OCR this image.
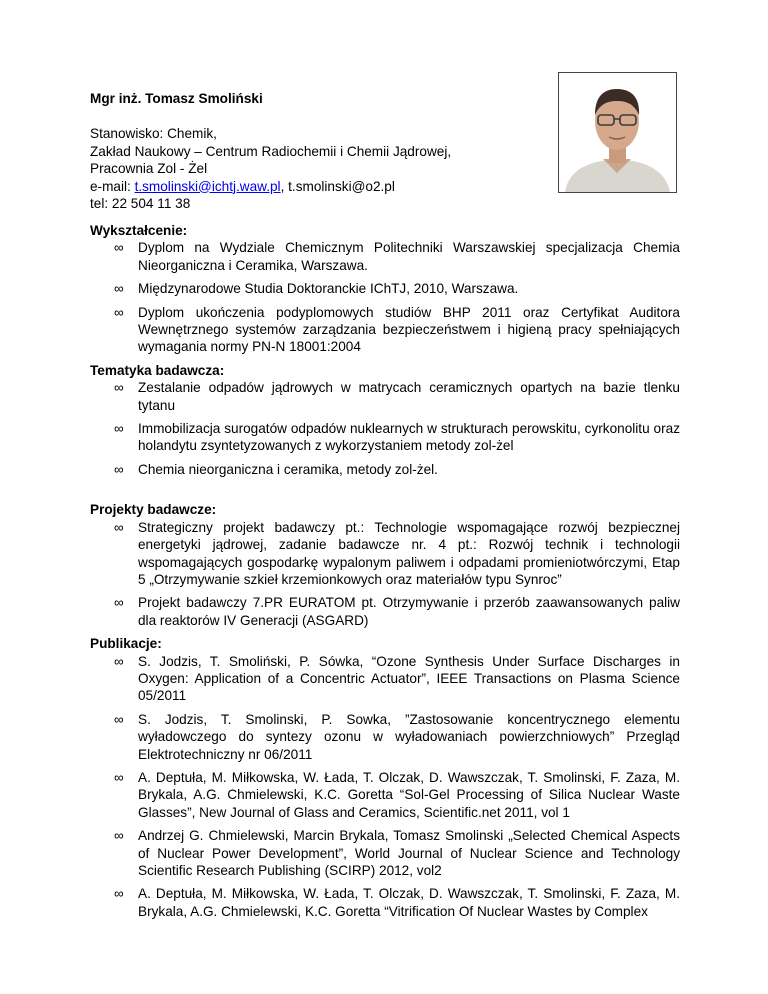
Mgr inż. Tomasz Smoliński

Stanowisko: Chemik,

Zakład Naukowy – Centrum Radiochemii i Chemii Jądrowej,

Pracownia Zol - Żel

e-mail: t.smolinski@ichtj.waw.pl, t.smolinski@o2.pl

tel: 22 504 11 38

Wykształcenie:

∞ Dyplom na Wydziale Chemicznym Politechniki Warszawskiej specjalizacja Chemia Nieorganiczna i Ceramika, Warszawa.
∞ Międzynarodowe Studia Doktoranckie IChTJ, 2010, Warszawa.
∞ Dyplom ukończenia podyplomowych studiów BHP 2011 oraz Certyfikat Auditora Wewnętrznego systemów zarządzania bezpieczeństwem i higieną pracy spełniających wymagania normy PN-N 18001:2004

Tematyka badawcza:

∞ Zestalanie odpadów jądrowych w matrycach ceramicznych opartych na bazie tlenku tytanu
∞ Immobilizacja surogatów odpadów nuklearnych w strukturach perowskitu, cyrkonolitu oraz holandytu zsyntetyzowanych z wykorzystaniem metody zol-żel
∞ Chemia nieorganiczna i ceramika, metody zol-żel.

Projekty badawcze:

∞ Strategiczny projekt badawczy pt.: Technologie wspomagające rozwój bezpiecznej energetyki jądrowej, zadanie badawcze nr. 4 pt.: Rozwój technik i technologii wspomagających gospodarkę wypalonym paliwem i odpadami promieniotwórczymi, Etap 5 „Otrzymywanie szkieł krzemionkowych oraz materiałów typu Synroc”
∞ Projekt badawczy 7.PR EURATOM pt. Otrzymywanie i przerób zaawansowanych paliw dla reaktorów IV Generacji (ASGARD)

Publikacje:

∞ S. Jodzis, T. Smoliński, P. Sówka, “Ozone Synthesis Under Surface Discharges in Oxygen: Application of a Concentric Actuator”, IEEE Transactions on Plasma Science 05/2011
∞ S. Jodzis, T. Smolinski, P. Sowka, ”Zastosowanie koncentrycznego elementu wyładowczego do syntezy ozonu w wyładowaniach powierzchniowych” Przegląd Elektrotechniczny nr 06/2011
∞ A. Deptuła, M. Miłkowska, W. Łada, T. Olczak, D. Wawszczak, T. Smolinski, F. Zaza, M. Brykala, A.G. Chmielewski, K.C. Goretta “Sol-Gel Processing of Silica Nuclear Waste Glasses”, New Journal of Glass and Ceramics, Scientific.net 2011, vol 1
∞ Andrzej G. Chmielewski, Marcin Brykala, Tomasz Smolinski „Selected Chemical Aspects of Nuclear Power Development”, World Journal of Nuclear Science and Technology Scientific Research Publishing (SCIRP) 2012, vol2
∞ A. Deptuła, M. Miłkowska, W. Łada, T. Olczak, D. Wawszczak, T. Smolinski, F. Zaza, M. Brykala, A.G. Chmielewski, K.C. Goretta “Vitrification Of Nuclear Wastes by Complex
